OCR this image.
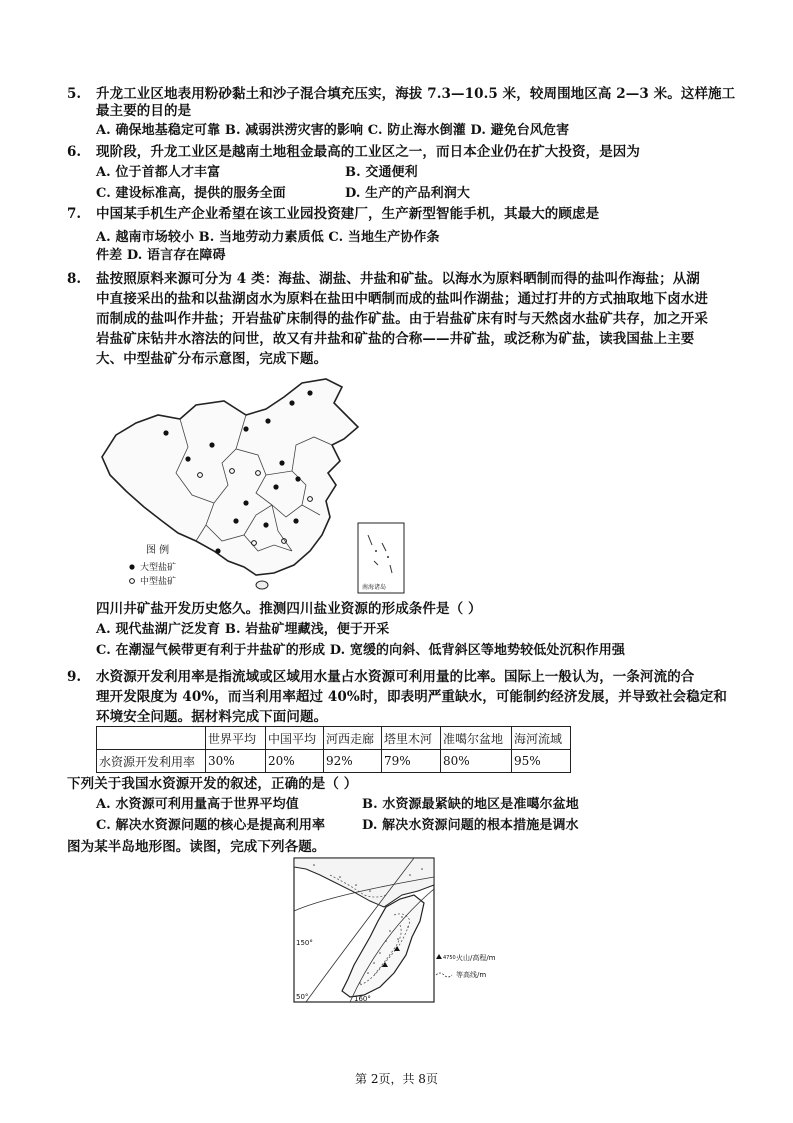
5. 升龙工业区地表用粉砂黏土和沙子混合填充压实，海拔 7.3—10.5 米，较周围地区高 2—3 米。这样施工
最主要的目的是
A. 确保地基稳定可靠 B. 减弱洪涝灾害的影响 C. 防止海水倒灌 D. 避免台风危害
6. 现阶段，升龙工业区是越南土地租金最高的工业区之一，而日本企业仍在扩大投资，是因为
A. 位于首都人才丰富	B. 交通便利
C. 建设标准高，提供的服务全面	D. 生产的产品利润大
7. 中国某手机生产企业希望在该工业园投资建厂，生产新型智能手机，其最大的顾虑是
A. 越南市场较小 B. 当地劳动力素质低 C. 当地生产协作条
件差 D. 语言存在障碍
8. 盐按照原料来源可分为 4 类：海盐、湖盐、井盐和矿盐。以海水为原料晒制而得的盐叫作海盐；从湖
中直接采出的盐和以盐湖卤水为原料在盐田中晒制而成的盐叫作湖盐；通过打井的方式抽取地下卤水进
而制成的盐叫作井盐；开岩盐矿床制得的盐作矿盐。由于岩盐矿床有时与天然卤水盐矿共存，加之开采
岩盐矿床钻井水溶法的问世，故又有井盐和矿盐的合称——井矿盐，或泛称为矿盐，读我国盐上主要
大、中型盐矿分布示意图，完成下题。
图 例
大型盐矿
中型盐矿
南海诸岛
四川井矿盐开发历史悠久。推测四川盐业资源的形成条件是（ ）
A. 现代盐湖广泛发育 B. 岩盐矿埋藏浅，便于开采
C. 在潮湿气候带更有利于井盐矿的形成 D. 宽缓的向斜、低背斜区等地势较低处沉积作用强
9. 水资源开发利用率是指流域或区域用水量占水资源可利用量的比率。国际上一般认为，一条河流的合
理开发限度为 40%，而当利用率超过 40%时，即表明严重缺水，可能制约经济发展，并导致社会稳定和
环境安全问题。据材料完成下面问题。
	世界平均	中国平均	河西走廊	塔里木河	准噶尔盆地	海河流域
水资源开发利用率	30%	20%	92%	79%	80%	95%
下列关于我国水资源开发的叙述，正确的是（ ）
A. 水资源可利用量高于世界平均值	B. 水资源最紧缺的地区是准噶尔盆地
C. 解决水资源问题的核心是提高利用率	D. 解决水资源问题的根本措施是调水
图为某半岛地形图。读图，完成下列各题。
150°
50°	160°
4750 火山/高程/m
等高线/m
第 2页，共 8页
